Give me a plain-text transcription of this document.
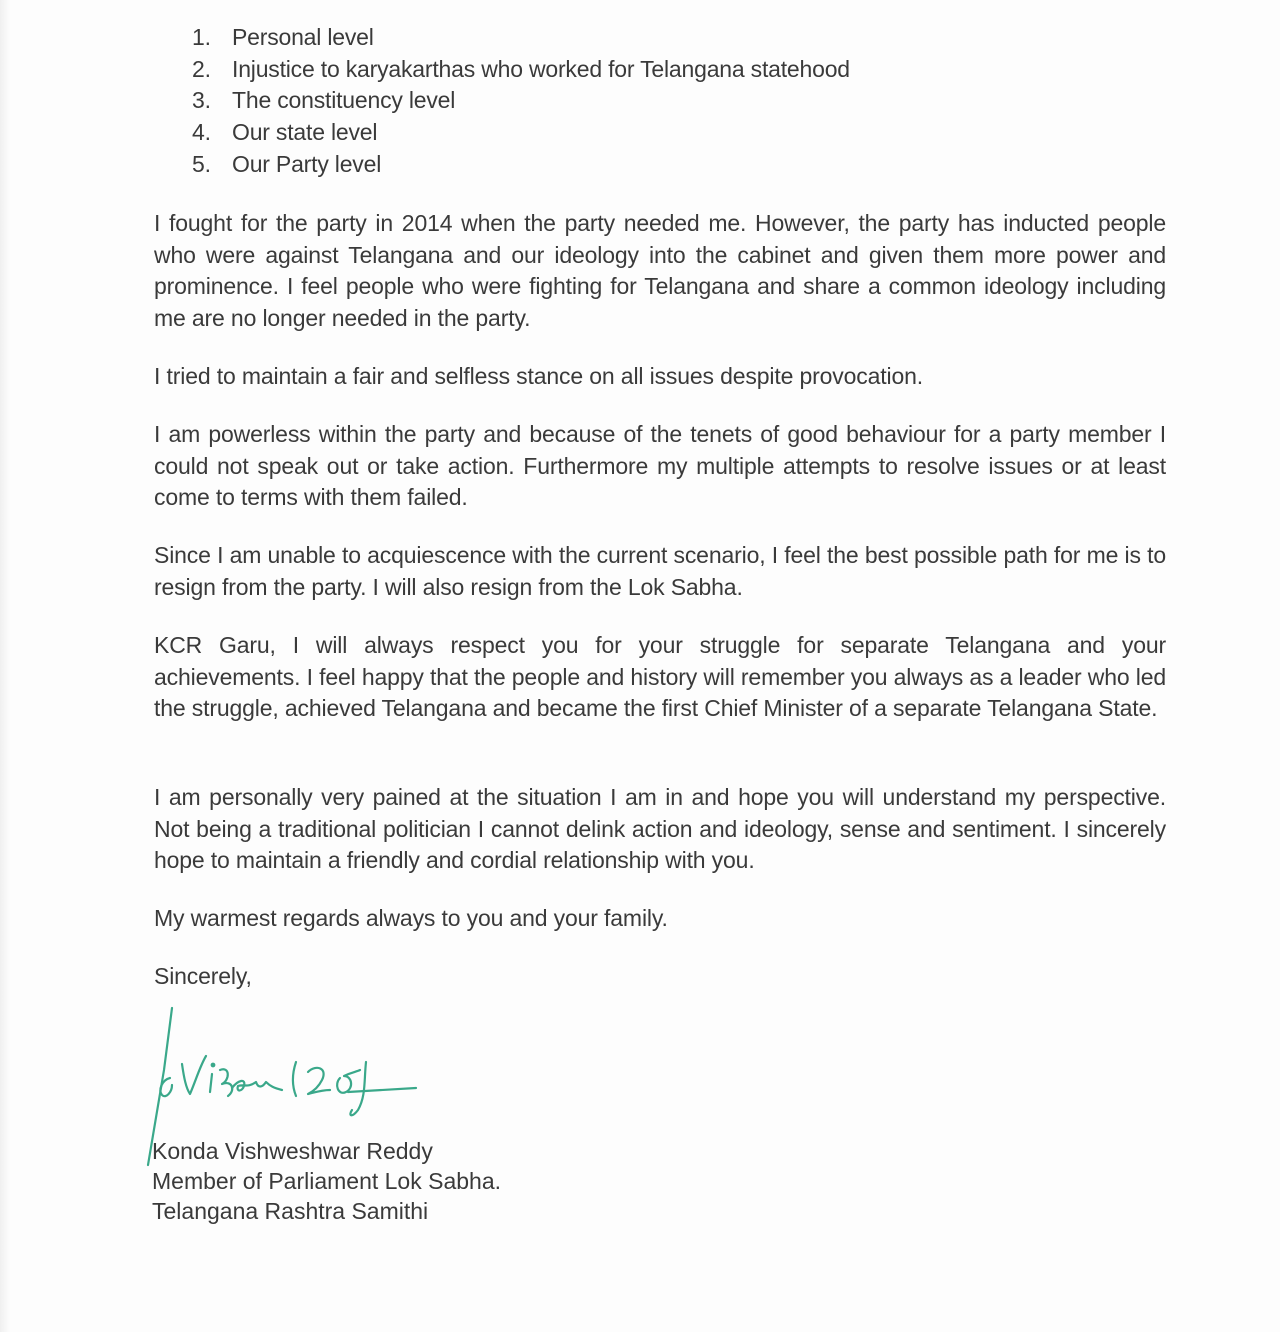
1. Personal level
2. Injustice to karyakarthas who worked for Telangana statehood
3. The constituency level
4. Our state level
5. Our Party level

I fought for the party in 2014 when the party needed me. However, the party has inducted people who were against Telangana and our ideology into the cabinet and given them more power and prominence. I feel people who were fighting for Telangana and share a common ideology including me are no longer needed in the party.

I tried to maintain a fair and selfless stance on all issues despite provocation.

I am powerless within the party and because of the tenets of good behaviour for a party member I could not speak out or take action. Furthermore my multiple attempts to resolve issues or at least come to terms with them failed.

Since I am unable to acquiescence with the current scenario, I feel the best possible path for me is to resign from the party. I will also resign from the Lok Sabha.

KCR Garu, I will always respect you for your struggle for separate Telangana and your achievements. I feel happy that the people and history will remember you always as a leader who led the struggle, achieved Telangana and became the first Chief Minister of a separate Telangana State.

I am personally very pained at the situation I am in and hope you will understand my perspective. Not being a traditional politician I cannot delink action and ideology, sense and sentiment. I sincerely hope to maintain a friendly and cordial relationship with you.

My warmest regards always to you and your family.

Sincerely,

Konda Vishweshwar Reddy
Member of Parliament Lok Sabha.
Telangana Rashtra Samithi
